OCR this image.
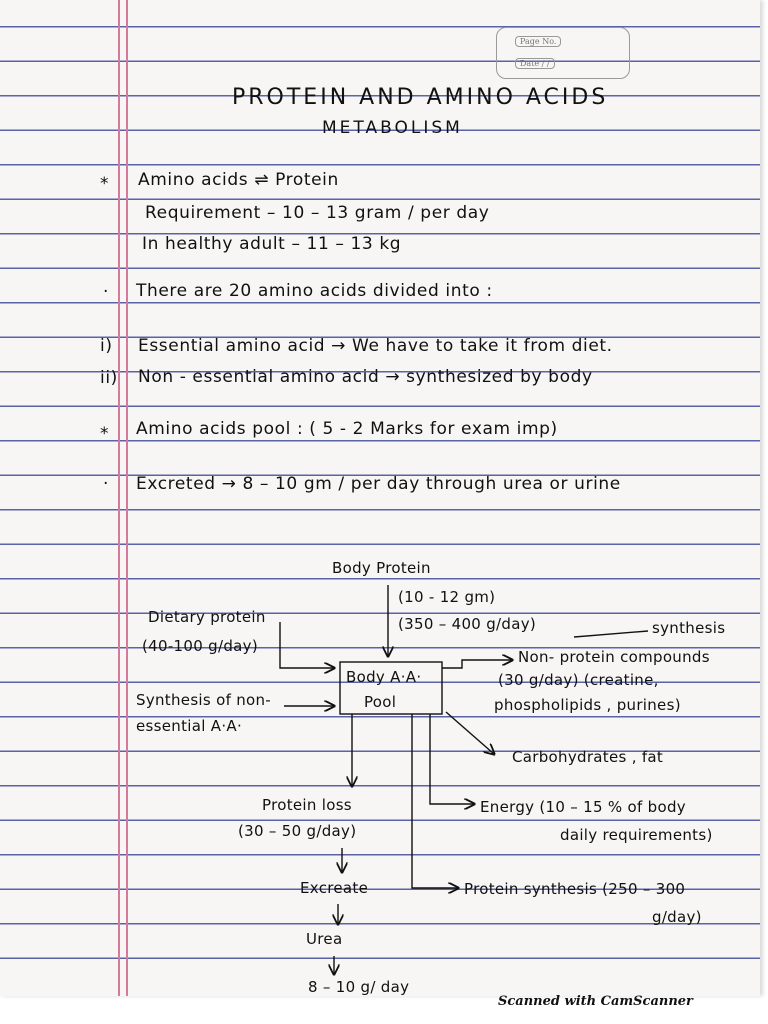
Page No.
Date / /
PROTEIN AND AMINO ACIDS
METABOLISM
* Amino acids ⇌ Protein
Requirement – 10 – 13 gram / per day
In healthy adult – 11 – 13 kg
· There are 20 amino acids divided into :
i) Essential amino acid → We have to take it from diet.
ii) Non - essential amino acid → synthesized by body
* Amino acids pool : ( 5 - 2 Marks for exam imp)
· Excreted → 8 – 10 gm / per day through urea or urine
Body Protein
(10 - 12 gm)
(350 – 400 g/day)	synthesis
Dietary protein
(40-100 g/day)
Body A·A·
Pool
Synthesis of non-
essential A·A·
Non- protein compounds
(30 g/day) (creatine,
phospholipids , purines)
Carbohydrates , fat
Protein loss
(30 – 50 g/day)
Energy (10 – 15 % of body
daily requirements)
Excreate	Protein synthesis (250 – 300
g/day)
Urea
8 – 10 g/ day
Scanned with CamScanner
